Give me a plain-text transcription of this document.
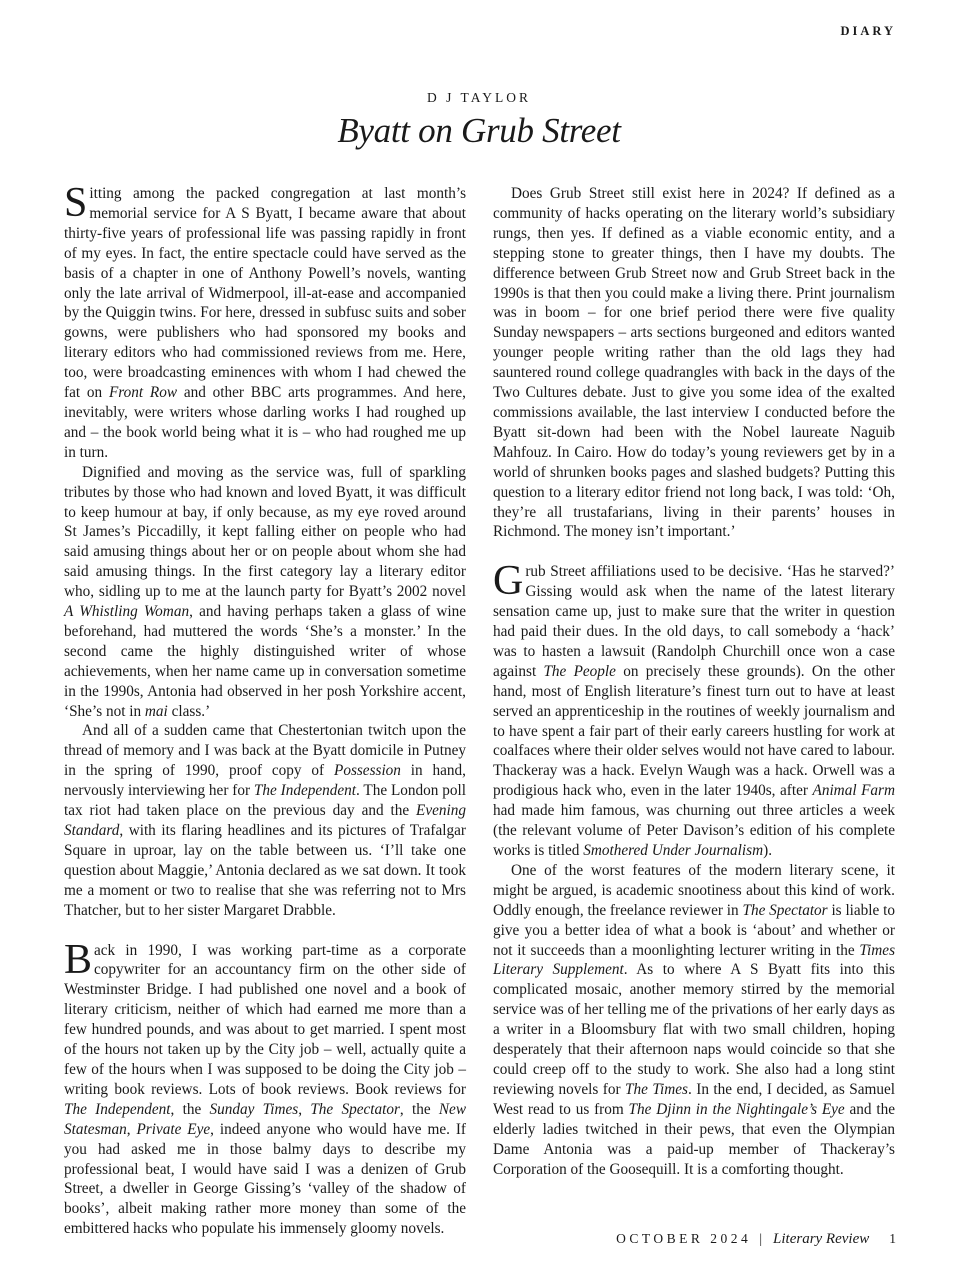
DIARY
D J TAYLOR
Byatt on Grub Street

Sitting among the packed congregation at last month’s memorial service for A S Byatt, I became aware that about thirty-five years of professional life was passing rapidly in front of my eyes. In fact, the entire spectacle could have served as the basis of a chapter in one of Anthony Powell’s novels, wanting only the late arrival of Widmerpool, ill-at-ease and accompanied by the Quiggin twins. For here, dressed in subfusc suits and sober gowns, were publishers who had sponsored my books and literary editors who had commissioned reviews from me. Here, too, were broadcasting eminences with whom I had chewed the fat on Front Row and other BBC arts programmes. And here, inevitably, were writers whose darling works I had roughed up and – the book world being what it is – who had roughed me up in turn.

Dignified and moving as the service was, full of sparkling tributes by those who had known and loved Byatt, it was difficult to keep humour at bay, if only because, as my eye roved around St James’s Piccadilly, it kept falling either on people who had said amusing things about her or on people about whom she had said amusing things. In the first category lay a literary editor who, sidling up to me at the launch party for Byatt’s 2002 novel A Whistling Woman, and having perhaps taken a glass of wine beforehand, had muttered the words ‘She’s a monster.’ In the second came the highly distinguished writer of whose achievements, when her name came up in conversation sometime in the 1990s, Antonia had observed in her posh Yorkshire accent, ‘She’s not in mai class.’

And all of a sudden came that Chestertonian twitch upon the thread of memory and I was back at the Byatt domicile in Putney in the spring of 1990, proof copy of Possession in hand, nervously interviewing her for The Independent. The London poll tax riot had taken place on the previous day and the Evening Standard, with its flaring headlines and its pictures of Trafalgar Square in uproar, lay on the table between us. ‘I’ll take one question about Maggie,’ Antonia declared as we sat down. It took me a moment or two to realise that she was referring not to Mrs Thatcher, but to her sister Margaret Drabble.

Back in 1990, I was working part-time as a corporate copywriter for an accountancy firm on the other side of Westminster Bridge. I had published one novel and a book of literary criticism, neither of which had earned me more than a few hundred pounds, and was about to get married. I spent most of the hours not taken up by the City job – well, actually quite a few of the hours when I was supposed to be doing the City job – writing book reviews. Lots of book reviews. Book reviews for The Independent, the Sunday Times, The Spectator, the New Statesman, Private Eye, indeed anyone who would have me. If you had asked me in those balmy days to describe my professional beat, I would have said I was a denizen of Grub Street, a dweller in George Gissing’s ‘valley of the shadow of books’, albeit making rather more money than some of the embittered hacks who populate his immensely gloomy novels.

Does Grub Street still exist here in 2024? If defined as a community of hacks operating on the literary world’s subsidiary rungs, then yes. If defined as a viable economic entity, and a stepping stone to greater things, then I have my doubts. The difference between Grub Street now and Grub Street back in the 1990s is that then you could make a living there. Print journalism was in boom – for one brief period there were five quality Sunday newspapers – arts sections burgeoned and editors wanted younger people writing rather than the old lags they had sauntered round college quadrangles with back in the days of the Two Cultures debate. Just to give you some idea of the exalted commissions available, the last interview I conducted before the Byatt sit-down had been with the Nobel laureate Naguib Mahfouz. In Cairo. How do today’s young reviewers get by in a world of shrunken books pages and slashed budgets? Putting this question to a literary editor friend not long back, I was told: ‘Oh, they’re all trustafarians, living in their parents’ houses in Richmond. The money isn’t important.’

Grub Street affiliations used to be decisive. ‘Has he starved?’ Gissing would ask when the name of the latest literary sensation came up, just to make sure that the writer in question had paid their dues. In the old days, to call somebody a ‘hack’ was to hasten a lawsuit (Randolph Churchill once won a case against The People on precisely these grounds). On the other hand, most of English literature’s finest turn out to have at least served an apprenticeship in the routines of weekly journalism and to have spent a fair part of their early careers hustling for work at coalfaces where their older selves would not have cared to labour. Thackeray was a hack. Evelyn Waugh was a hack. Orwell was a prodigious hack who, even in the later 1940s, after Animal Farm had made him famous, was churning out three articles a week (the relevant volume of Peter Davison’s edition of his complete works is titled Smothered Under Journalism).

One of the worst features of the modern literary scene, it might be argued, is academic snootiness about this kind of work. Oddly enough, the freelance reviewer in The Spectator is liable to give you a better idea of what a book is ‘about’ and whether or not it succeeds than a moonlighting lecturer writing in the Times Literary Supplement. As to where A S Byatt fits into this complicated mosaic, another memory stirred by the memorial service was of her telling me of the privations of her early days as a writer in a Bloomsbury flat with two small children, hoping desperately that their afternoon naps would coincide so that she could creep off to the study to work. She also had a long stint reviewing novels for The Times. In the end, I decided, as Samuel West read to us from The Djinn in the Nightingale’s Eye and the elderly ladies twitched in their pews, that even the Olympian Dame Antonia was a paid-up member of Thackeray’s Corporation of the Goosequill. It is a comforting thought.

OCTOBER 2024 | Literary Review 1
